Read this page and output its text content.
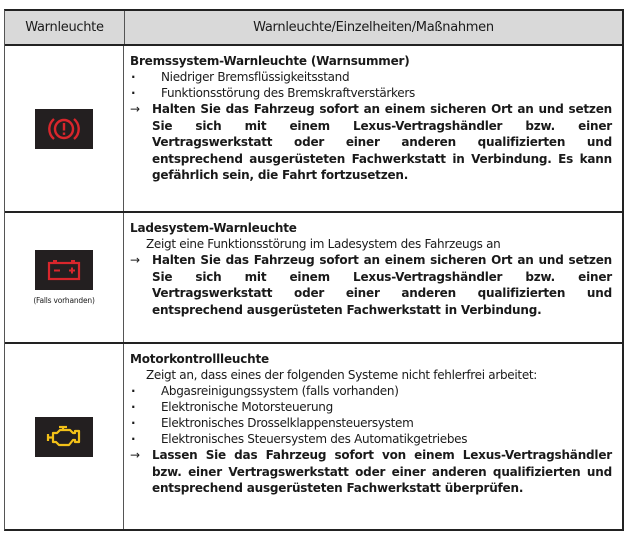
Warnleuchte	Warnleuchte/Einzelheiten/Maßnahmen
Bremssystem-Warnleuchte (Warnsummer)
· Niedriger Bremsflüssigkeitsstand
· Funktionsstörung des Bremskraftverstärkers
→ Halten Sie das Fahrzeug sofort an einem sicheren Ort an und setzen Sie sich mit einem Lexus-Vertragshändler bzw. einer Vertragswerkstatt oder einer anderen qualifizierten und entsprechend ausgerüsteten Fachwerkstatt in Verbindung. Es kann gefährlich sein, die Fahrt fortzusetzen.
(Falls vorhanden)
Ladesystem-Warnleuchte
Zeigt eine Funktionsstörung im Ladesystem des Fahrzeugs an
→ Halten Sie das Fahrzeug sofort an einem sicheren Ort an und setzen Sie sich mit einem Lexus-Vertragshändler bzw. einer Vertragswerkstatt oder einer anderen qualifizierten und entsprechend ausgerüsteten Fachwerkstatt in Verbindung.
Motorkontrollleuchte
Zeigt an, dass eines der folgenden Systeme nicht fehlerfrei arbeitet:
· Abgasreinigungssystem (falls vorhanden)
· Elektronische Motorsteuerung
· Elektronisches Drosselklappensteuersystem
· Elektronisches Steuersystem des Automatikgetriebes
→ Lassen Sie das Fahrzeug sofort von einem Lexus-Vertragshändler bzw. einer Vertragswerkstatt oder einer anderen qualifizierten und entsprechend ausgerüsteten Fachwerkstatt überprüfen.
